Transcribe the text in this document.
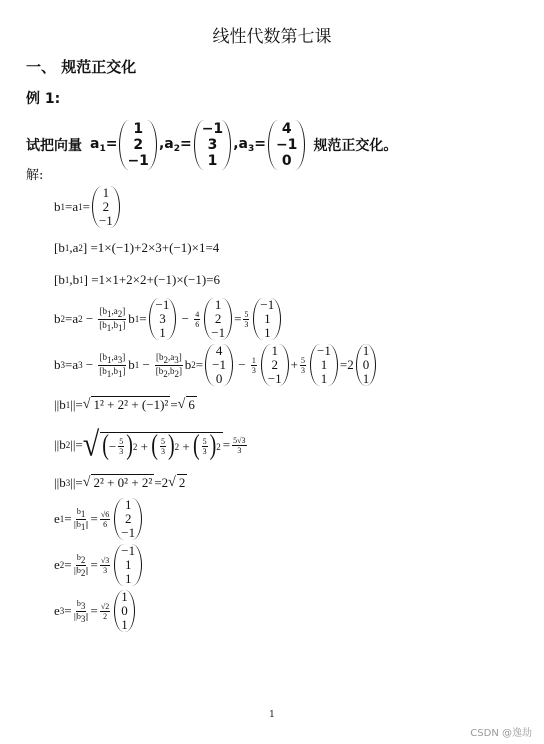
线性代数第七课
一、 规范正交化
例 1:
试把向量 $a_1=$
1
2
−1
$,a_2=$
−1
3
1
$,a_3=$
4
−1
0
规范正交化。
解:
b 1 =a 1 =
1
2
−1
[b 1 ,a 2 ] =1×(−1)+2×3+(−1)×1=4
[b 1 ,b 1 ] =1×1+2×2+(−1)×(−1)=6
b 2 =a $2 - \frac{[b1,a2]}{[b1,b1]}$ b 1 =
−1
3
1
− $\frac{4}{6}$
1
2
−1
= $\frac{5}{3}$
−1
1
1
b 3 =a $3 - \frac{[b1,a3]}{[b1,b1]}$ b $1 - \frac{[b2,a3]}{[b2,b2]}$ b 2 =
4
−1
0
− $\frac{1}{3}$
1
2
−1
+ $\frac{5}{3}$
−1
1
1
=2
1
0
1
||b 1 ||= √ 1² + 2² + (−1)² = √ 6
||b 2 ||= √ ( − $\frac{5}{3}$ ) 2 + ( $\frac{5}{3}$ ) 2 + ( $\frac{5}{3}$ ) $2 = \frac{5√3}{3}$
||b 3 ||= √ 2² + 0² + 2² =2 √ 2
e $1 = \frac{b1}{||b1||} = \frac{√6}{6}$
1
2
−1
e $2 = \frac{b2}{||b2||} = \frac{√3}{3}$
−1
1
1
e $3 = \frac{b3}{||b3||} = \frac{√2}{2}$
1
0
1
1
CSDN @逸劫
